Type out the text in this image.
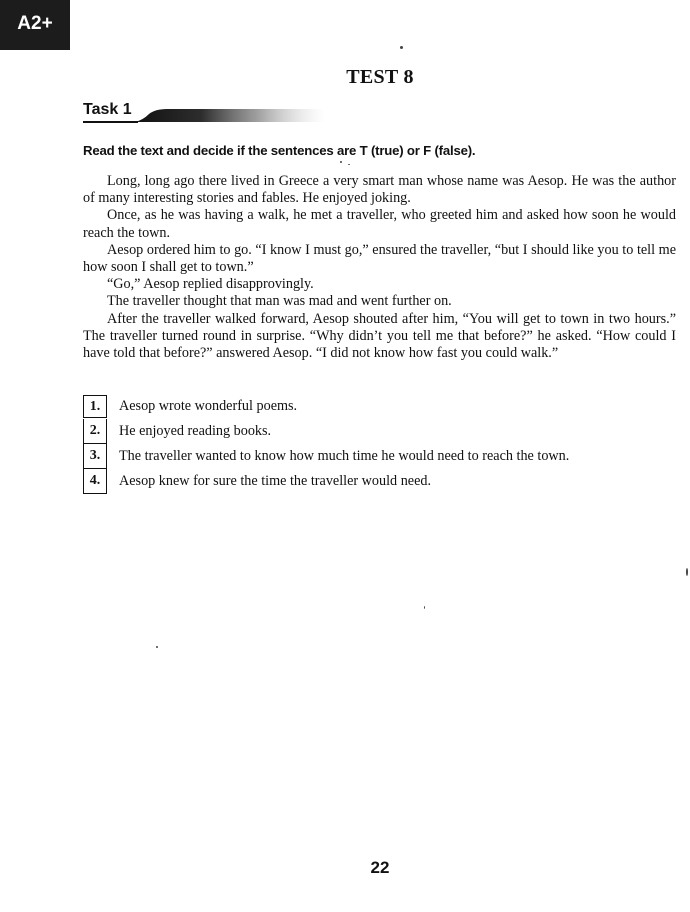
A2+
TEST 8
Task 1
Read the text and decide if the sentences are T (true) or F (false).

Long, long ago there lived in Greece a very smart man whose name was Aesop. He was the author of many interesting stories and fables. He enjoyed joking.

Once, as he was having a walk, he met a traveller, who greeted him and asked how soon he would reach the town.

Aesop ordered him to go. “I know I must go,” ensured the traveller, “but I should like you to tell me how soon I shall get to town.”

“Go,” Aesop replied disapprovingly.

The traveller thought that man was mad and went further on.

After the traveller walked forward, Aesop shouted after him, “You will get to town in two hours.” The traveller turned round in surprise. “Why didn’t you tell me that before?” he asked. “How could I have told that before?” answered Aesop. “I did not know how fast you could walk.”

1.	Aesop wrote wonderful poems.
2.	He enjoyed reading books.
3.	The traveller wanted to know how much time he would need to reach the town.
4.	Aesop knew for sure the time the traveller would need.
22
